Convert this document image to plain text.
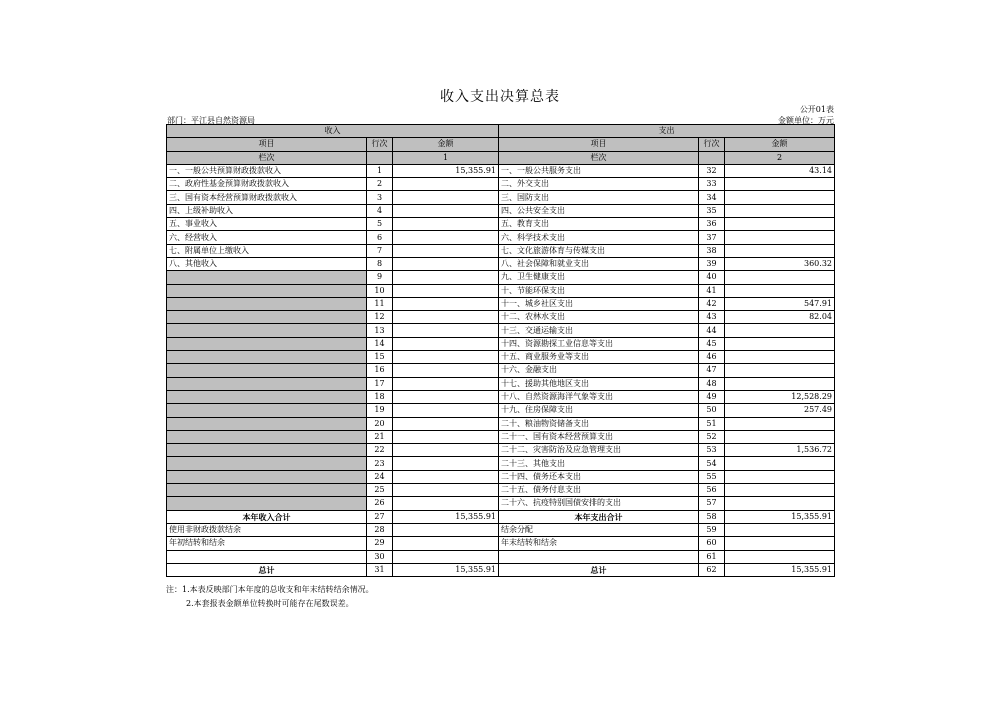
收入支出决算总表
公开01表
部门：平江县自然资源局	金额单位：万元
收入			支出		
项目	行次	金额	项目	行次	金额
栏次		1	栏次		2
一、一般公共预算财政拨款收入	1	15,355.91	一、一般公共服务支出	32	43.14
二、政府性基金预算财政拨款收入	2		二、外交支出	33	
三、国有资本经营预算财政拨款收入	3		三、国防支出	34	
四、上级补助收入	4		四、公共安全支出	35	
五、事业收入	5		五、教育支出	36	
六、经营收入	6		六、科学技术支出	37	
七、附属单位上缴收入	7		七、文化旅游体育与传媒支出	38	
八、其他收入	8		八、社会保障和就业支出	39	360.32
	9		九、卫生健康支出	40	
	10		十、节能环保支出	41	
	11		十一、城乡社区支出	42	547.91
	12		十二、农林水支出	43	82.04
	13		十三、交通运输支出	44	
	14		十四、资源勘探工业信息等支出	45	
	15		十五、商业服务业等支出	46	
	16		十六、金融支出	47	
	17		十七、援助其他地区支出	48	
	18		十八、自然资源海洋气象等支出	49	12,528.29
	19		十九、住房保障支出	50	257.49
	20		二十、粮油物资储备支出	51	
	21		二十一、国有资本经营预算支出	52	
	22		二十二、灾害防治及应急管理支出	53	1,536.72
	23		二十三、其他支出	54	
	24		二十四、债务还本支出	55	
	25		二十五、债务付息支出	56	
	26		二十六、抗疫特别国债安排的支出	57	
本年收入合计	27	15,355.91	本年支出合计	58	15,355.91
使用非财政拨款结余	28		结余分配	59	
年初结转和结余	29		年末结转和结余	60	
	30			61	
总计	31	15,355.91	总计	62	15,355.91
注：1.本表反映部门本年度的总收支和年末结转结余情况。
2.本套报表金额单位转换时可能存在尾数误差。
